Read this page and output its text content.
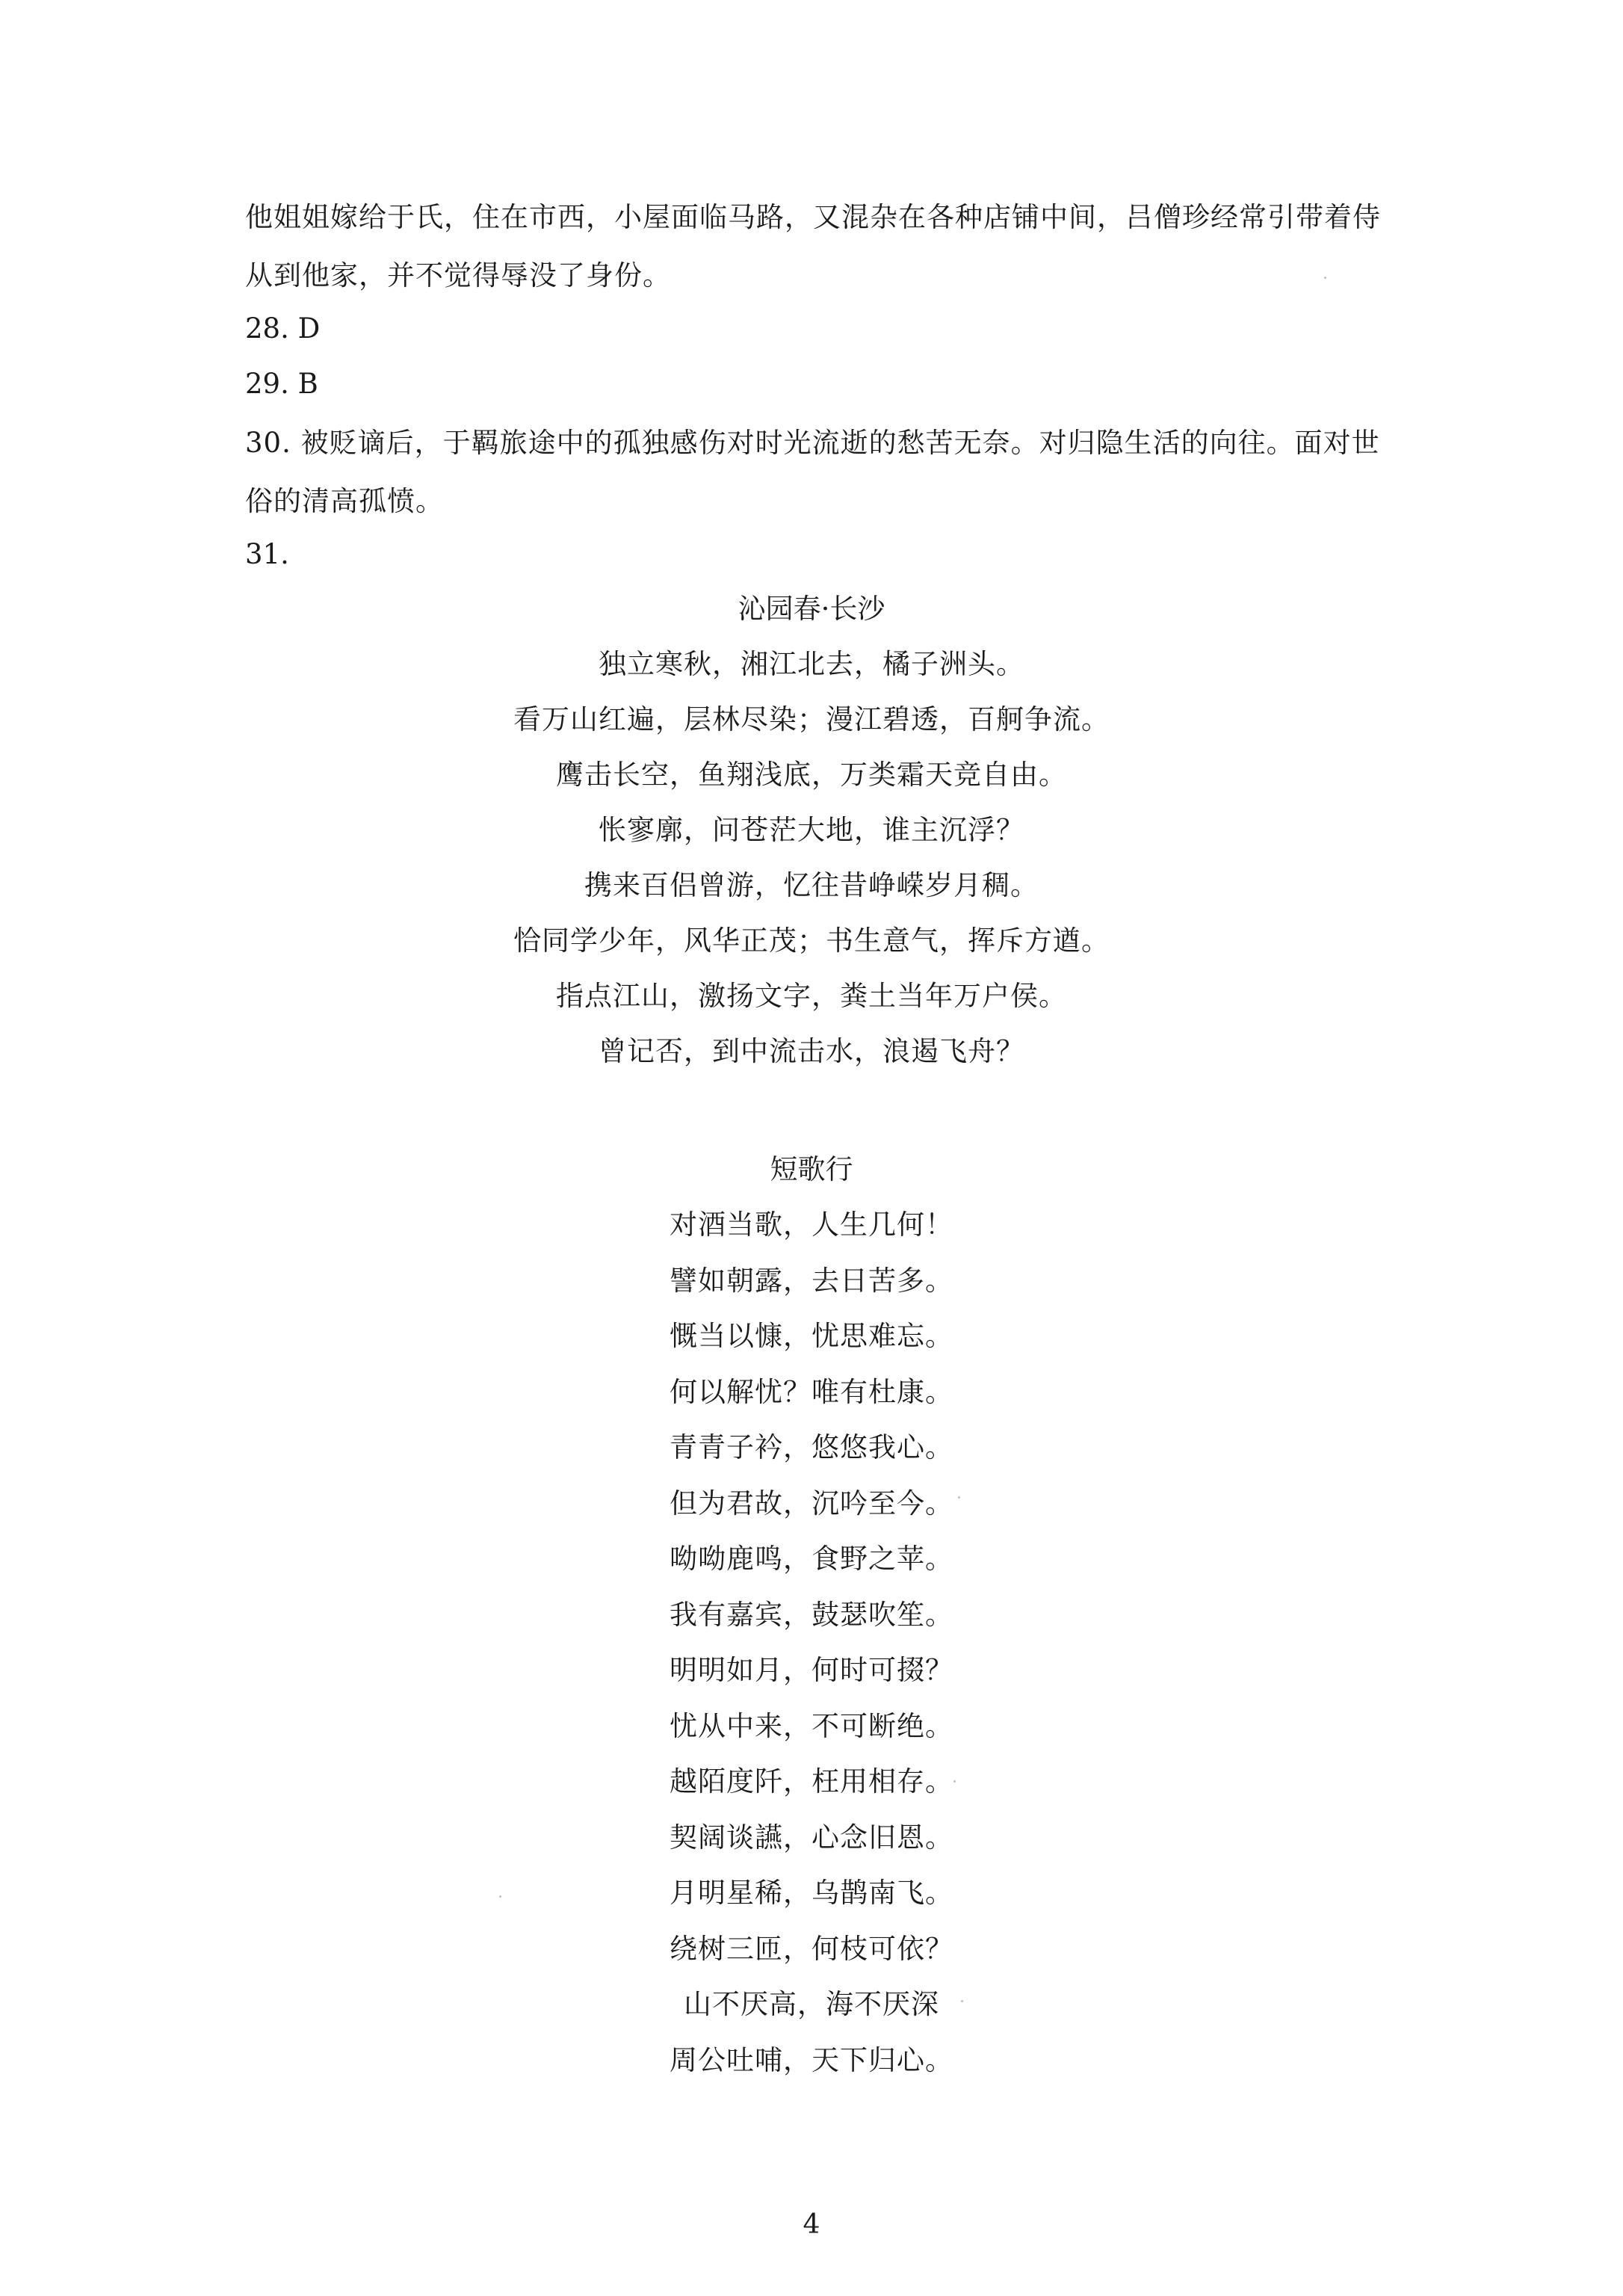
他姐姐嫁给于氏，住在市西，小屋面临马路，又混杂在各种店铺中间，吕僧珍经常引带着侍从到他家，并不觉得辱没了身份。

28. D

29. B

30. 被贬谪后，于羁旅途中的孤独感伤对时光流逝的愁苦无奈。对归隐生活的向往。面对世俗的清高孤愤。

31.

沁园春·长沙
独立寒秋，湘江北去，橘子洲头。
看万山红遍，层林尽染；漫江碧透，百舸争流。
鹰击长空，鱼翔浅底，万类霜天竞自由。
怅寥廓，问苍茫大地，谁主沉浮？
携来百侣曾游，忆往昔峥嵘岁月稠。
恰同学少年，风华正茂；书生意气，挥斥方遒。
指点江山，激扬文字，粪土当年万户侯。
曾记否，到中流击水，浪遏飞舟？
短歌行
对酒当歌，人生几何！
譬如朝露，去日苦多。
慨当以慷，忧思难忘。
何以解忧？唯有杜康。
青青子衿，悠悠我心。
但为君故，沉吟至今。
呦呦鹿鸣，食野之苹。
我有嘉宾，鼓瑟吹笙。
明明如月，何时可掇？
忧从中来，不可断绝。
越陌度阡，枉用相存。
契阔谈讌，心念旧恩。
月明星稀，乌鹊南飞。
绕树三匝，何枝可依？
山不厌高，海不厌深
周公吐哺，天下归心。
4
